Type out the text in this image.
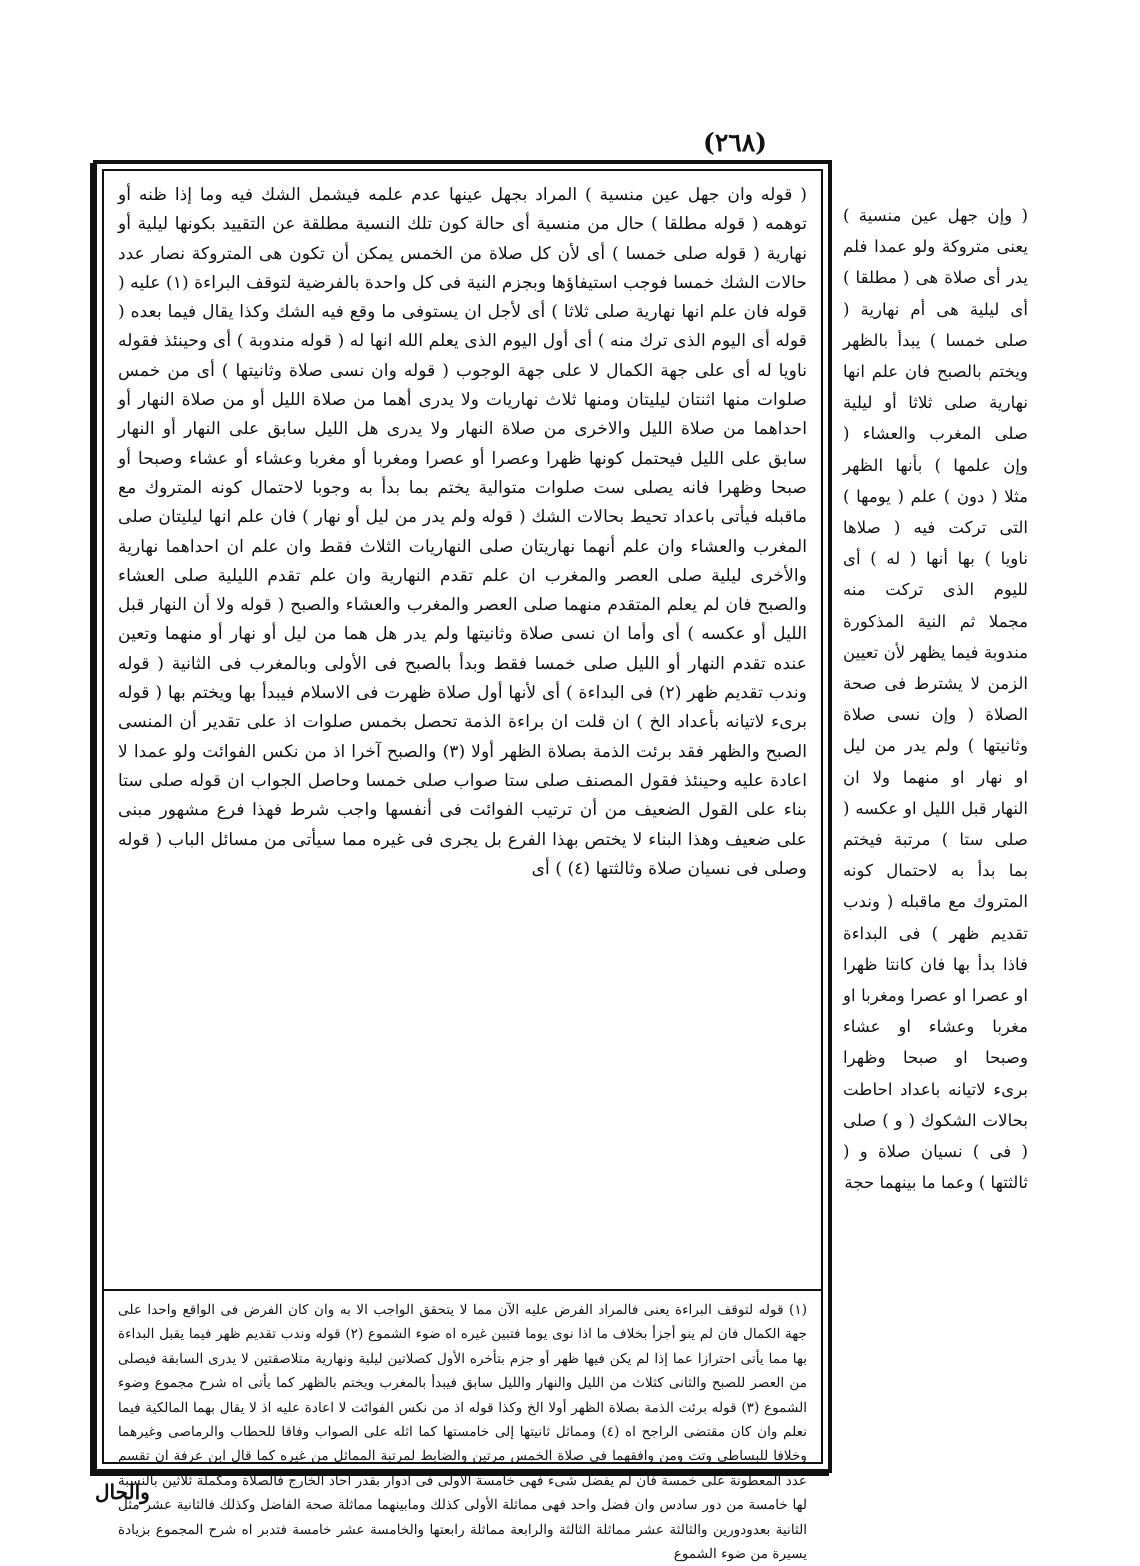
(٢٦٨)

( وإن جهل عين منسية ) يعنى متروكة ولو عمدا فلم يدر أى صلاة هى ( مطلقا ) أى ليلية هى أم نهارية ( صلى خمسا ) يبدأ بالظهر ويختم بالصبح فان علم انها نهارية صلى ثلاثا أو ليلية صلى المغرب والعشاء ( وإن علمها ) بأنها الظهر مثلا ( دون ) علم ( يومها ) التى تركت فيه ( صلاها ناويا ) بها أنها ( له ) أى لليوم الذى تركت منه مجملا ثم النية المذكورة مندوبة فيما يظهر لأن تعيين الزمن لا يشترط فى صحة الصلاة ( وإن نسى صلاة وثانيتها ) ولم يدر من ليل او نهار او منهما ولا ان النهار قبل الليل او عكسه ( صلى ستا ) مرتبة فيختم بما بدأ به لاحتمال كونه المتروك مع ماقبله ( وندب تقديم ظهر ) فى البداءة فاذا بدأ بها فان كانتا ظهرا او عصرا او عصرا ومغربا او مغربا وعشاء او عشاء وصبحا او صبحا وظهرا برىء لاتيانه باعداد احاطت بحالات الشكوك ( و ) صلى ( فى ) نسيان صلاة و ( ثالثتها ) وعما ما بينهما حجة

( قوله وان جهل عين منسية ) المراد بجهل عينها عدم علمه فيشمل الشك فيه وما إذا ظنه أو توهمه ( قوله مطلقا ) حال من منسية أى حالة كون تلك النسية مطلقة عن التقييد بكونها ليلية أو نهارية ( قوله صلى خمسا ) أى لأن كل صلاة من الخمس يمكن أن تكون هى المتروكة نصار عدد حالات الشك خمسا فوجب استيفاؤها وبجزم النية فى كل واحدة بالفرضية لتوقف البراءة (١) عليه ( قوله فان علم انها نهارية صلى ثلاثا ) أى لأجل ان يستوفى ما وقع فيه الشك وكذا يقال فيما بعده ( قوله أى اليوم الذى ترك منه ) أى أول اليوم الذى يعلم الله انها له ( قوله مندوبة ) أى وحينئذ فقوله ناويا له أى على جهة الكمال لا على جهة الوجوب ( قوله وان نسى صلاة وثانيتها ) أى من خمس صلوات منها اثنتان ليليتان ومنها ثلاث نهاريات ولا يدرى أهما من صلاة الليل أو من صلاة النهار أو احداهما من صلاة الليل والاخرى من صلاة النهار ولا يدرى هل الليل سابق على النهار أو النهار سابق على الليل فيحتمل كونها ظهرا وعصرا أو عصرا ومغربا أو مغربا وعشاء أو عشاء وصبحا أو صبحا وظهرا فانه يصلى ست صلوات متوالية يختم بما بدأ به وجوبا لاحتمال كونه المتروك مع ماقبله فيأتى باعداد تحيط بحالات الشك ( قوله ولم يدر من ليل أو نهار ) فان علم انها ليليتان صلى المغرب والعشاء وان علم أنهما نهاريتان صلى النهاريات الثلاث فقط وان علم ان احداهما نهارية والأخرى ليلية صلى العصر والمغرب ان علم تقدم النهارية وان علم تقدم الليلية صلى العشاء والصبح فان لم يعلم المتقدم منهما صلى العصر والمغرب والعشاء والصبح ( قوله ولا أن النهار قبل الليل أو عكسه ) أى وأما ان نسى صلاة وثانيتها ولم يدر هل هما من ليل أو نهار أو منهما وتعين عنده تقدم النهار أو الليل صلى خمسا فقط وبدأ بالصبح فى الأولى وبالمغرب فى الثانية ( قوله وندب تقديم ظهر (٢) فى البداءة ) أى لأنها أول صلاة ظهرت فى الاسلام فيبدأ بها ويختم بها ( قوله برىء لاتيانه بأعداد الخ ) ان قلت ان براءة الذمة تحصل بخمس صلوات اذ على تقدير أن المنسى الصبح والظهر فقد برئت الذمة بصلاة الظهر أولا (٣) والصبح آخرا اذ من نكس الفوائت ولو عمدا لا اعادة عليه وحينئذ فقول المصنف صلى ستا صواب صلى خمسا وحاصل الجواب ان قوله صلى ستا بناء على القول الضعيف من أن ترتيب الفوائت فى أنفسها واجب شرط فهذا فرع مشهور مبنى على ضعيف وهذا البناء لا يختص بهذا الفرع بل يجرى فى غيره مما سيأتى من مسائل الباب ( قوله وصلى فى نسيان صلاة وثالثتها (٤) ) أى

(١) قوله لتوقف البراءة يعنى فالمراد الفرض عليه الآن مما لا يتحقق الواجب الا به وان كان الفرض فى الواقع واحدا على جهة الكمال فان لم ينو أجزأ بخلاف ما اذا نوى يوما فتبين غيره اه ضوء الشموع (٢) قوله وندب تقديم ظهر فيما يقبل البداءة بها مما يأتى احترازا عما إذا لم يكن فيها ظهر أو جزم بتأخره الأول كصلاتين ليلية ونهارية متلاصقتين لا يدرى السابقة فيصلى من العصر للصبح والثانى كثلاث من الليل والنهار والليل سابق فيبدأ بالمغرب ويختم بالظهر كما يأتى اه شرح مجموع وضوء الشموع (٣) قوله برئت الذمة بصلاة الظهر أولا الخ وكذا قوله اذ من نكس الفوائت لا اعادة عليه اذ لا يقال بهما المالكية فيما نعلم وان كان مقتضى الراجح اه (٤) ومماثل ثانيتها إلى خامستها كما اثله على الصواب وفاقا للحطاب والرماصى وغيرهما وخلافا للبساطى وتت ومن وافقهما فى صلاة الخمس مرتين والضابط لمرتبة المماثل من غيره كما قال ابن عرفة ان تقسم عدد المعطونة على خمسة فان لم يفضل شىء فهى خامسة الأولى فى أدوار بقدر آحاد الخارج فالصلاة ومكملة ثلاثين بالنسبة لها خامسة من دور سادس وان فضل واحد فهى مماثلة الأولى كذلك ومابينهما مماثلة صحة الفاضل وكذلك فالثانية عشر مثل الثانية بعدودورين والثالثة عشر مماثلة الثالثة والرابعة مماثلة رابعتها والخامسة عشر خامسة فتدبر اه شرح المجموع بزيادة يسيرة من ضوء الشموع

والحال
